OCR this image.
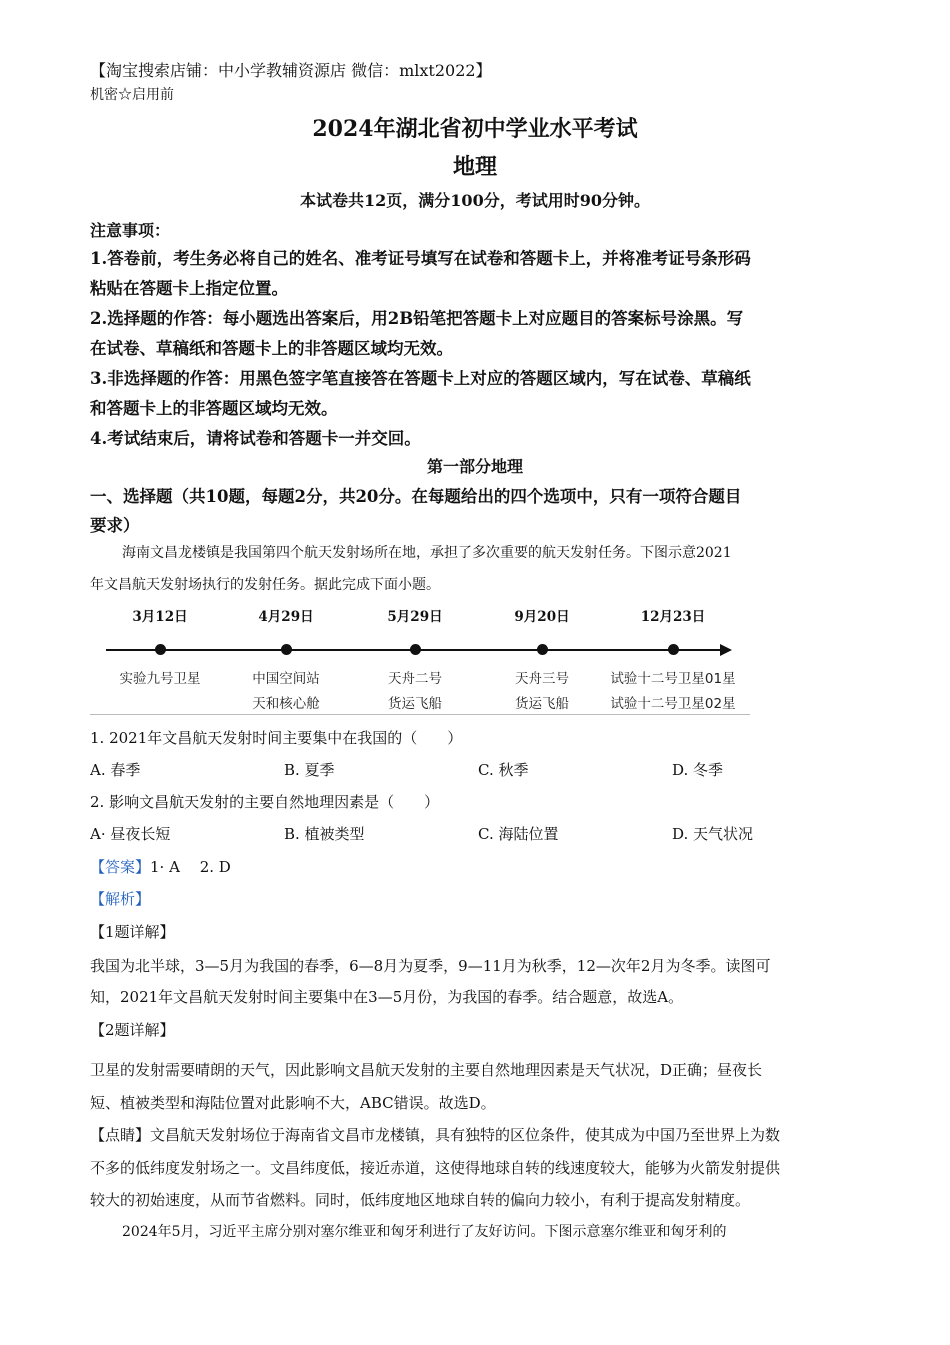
【淘宝搜索店铺：中小学教辅资源店 微信：mlxt2022】
机密☆启用前
2024年湖北省初中学业水平考试
地理
本试卷共12页，满分100分，考试用时90分钟。
注意事项：
1.答卷前，考生务必将自己的姓名、准考证号填写在试卷和答题卡上，并将准考证号条形码
粘贴在答题卡上指定位置。
2.选择题的作答：每小题选出答案后，用2B铅笔把答题卡上对应题目的答案标号涂黑。写
在试卷、草稿纸和答题卡上的非答题区域均无效。
3.非选择题的作答：用黑色签字笔直接答在答题卡上对应的答题区域内，写在试卷、草稿纸
和答题卡上的非答题区域均无效。
4.考试结束后，请将试卷和答题卡一并交回。
第一部分地理
一、选择题（共10题，每题2分，共20分。在每题给出的四个选项中，只有一项符合题目
要求）
海南文昌龙楼镇是我国第四个航天发射场所在地，承担了多次重要的航天发射任务。下图示意2021
年文昌航天发射场执行的发射任务。据此完成下面小题。
3月12日
实验九号卫星
4月29日
中国空间站
天和核心舱
5月29日
天舟二号
货运飞船
9月20日
天舟三号
货运飞船
12月23日
试验十二号卫星01星
试验十二号卫星02星
1. 2021年文昌航天发射时间主要集中在我国的（　　）
A. 春季	B. 夏季	C. 秋季	D. 冬季
2. 影响文昌航天发射的主要自然地理因素是（　　）
A· 昼夜长短	B. 植被类型	C. 海陆位置	D. 天气状况
【答案】1· A　 2. D
【解析】
【1题详解】
我国为北半球，3—5月为我国的春季，6—8月为夏季，9—11月为秋季，12—次年2月为冬季。读图可
知，2021年文昌航天发射时间主要集中在3—5月份，为我国的春季。结合题意，故选A。
【2题详解】
卫星的发射需要晴朗的天气，因此影响文昌航天发射的主要自然地理因素是天气状况，D正确；昼夜长
短、植被类型和海陆位置对此影响不大，ABC错误。故选D。
【点睛】文昌航天发射场位于海南省文昌市龙楼镇，具有独特的区位条件，使其成为中国乃至世界上为数
不多的低纬度发射场之一。文昌纬度低，接近赤道，这使得地球自转的线速度较大，能够为火箭发射提供
较大的初始速度，从而节省燃料。同时，低纬度地区地球自转的偏向力较小，有利于提高发射精度。
2024年5月，习近平主席分别对塞尔维亚和匈牙利进行了友好访问。下图示意塞尔维亚和匈牙利的
